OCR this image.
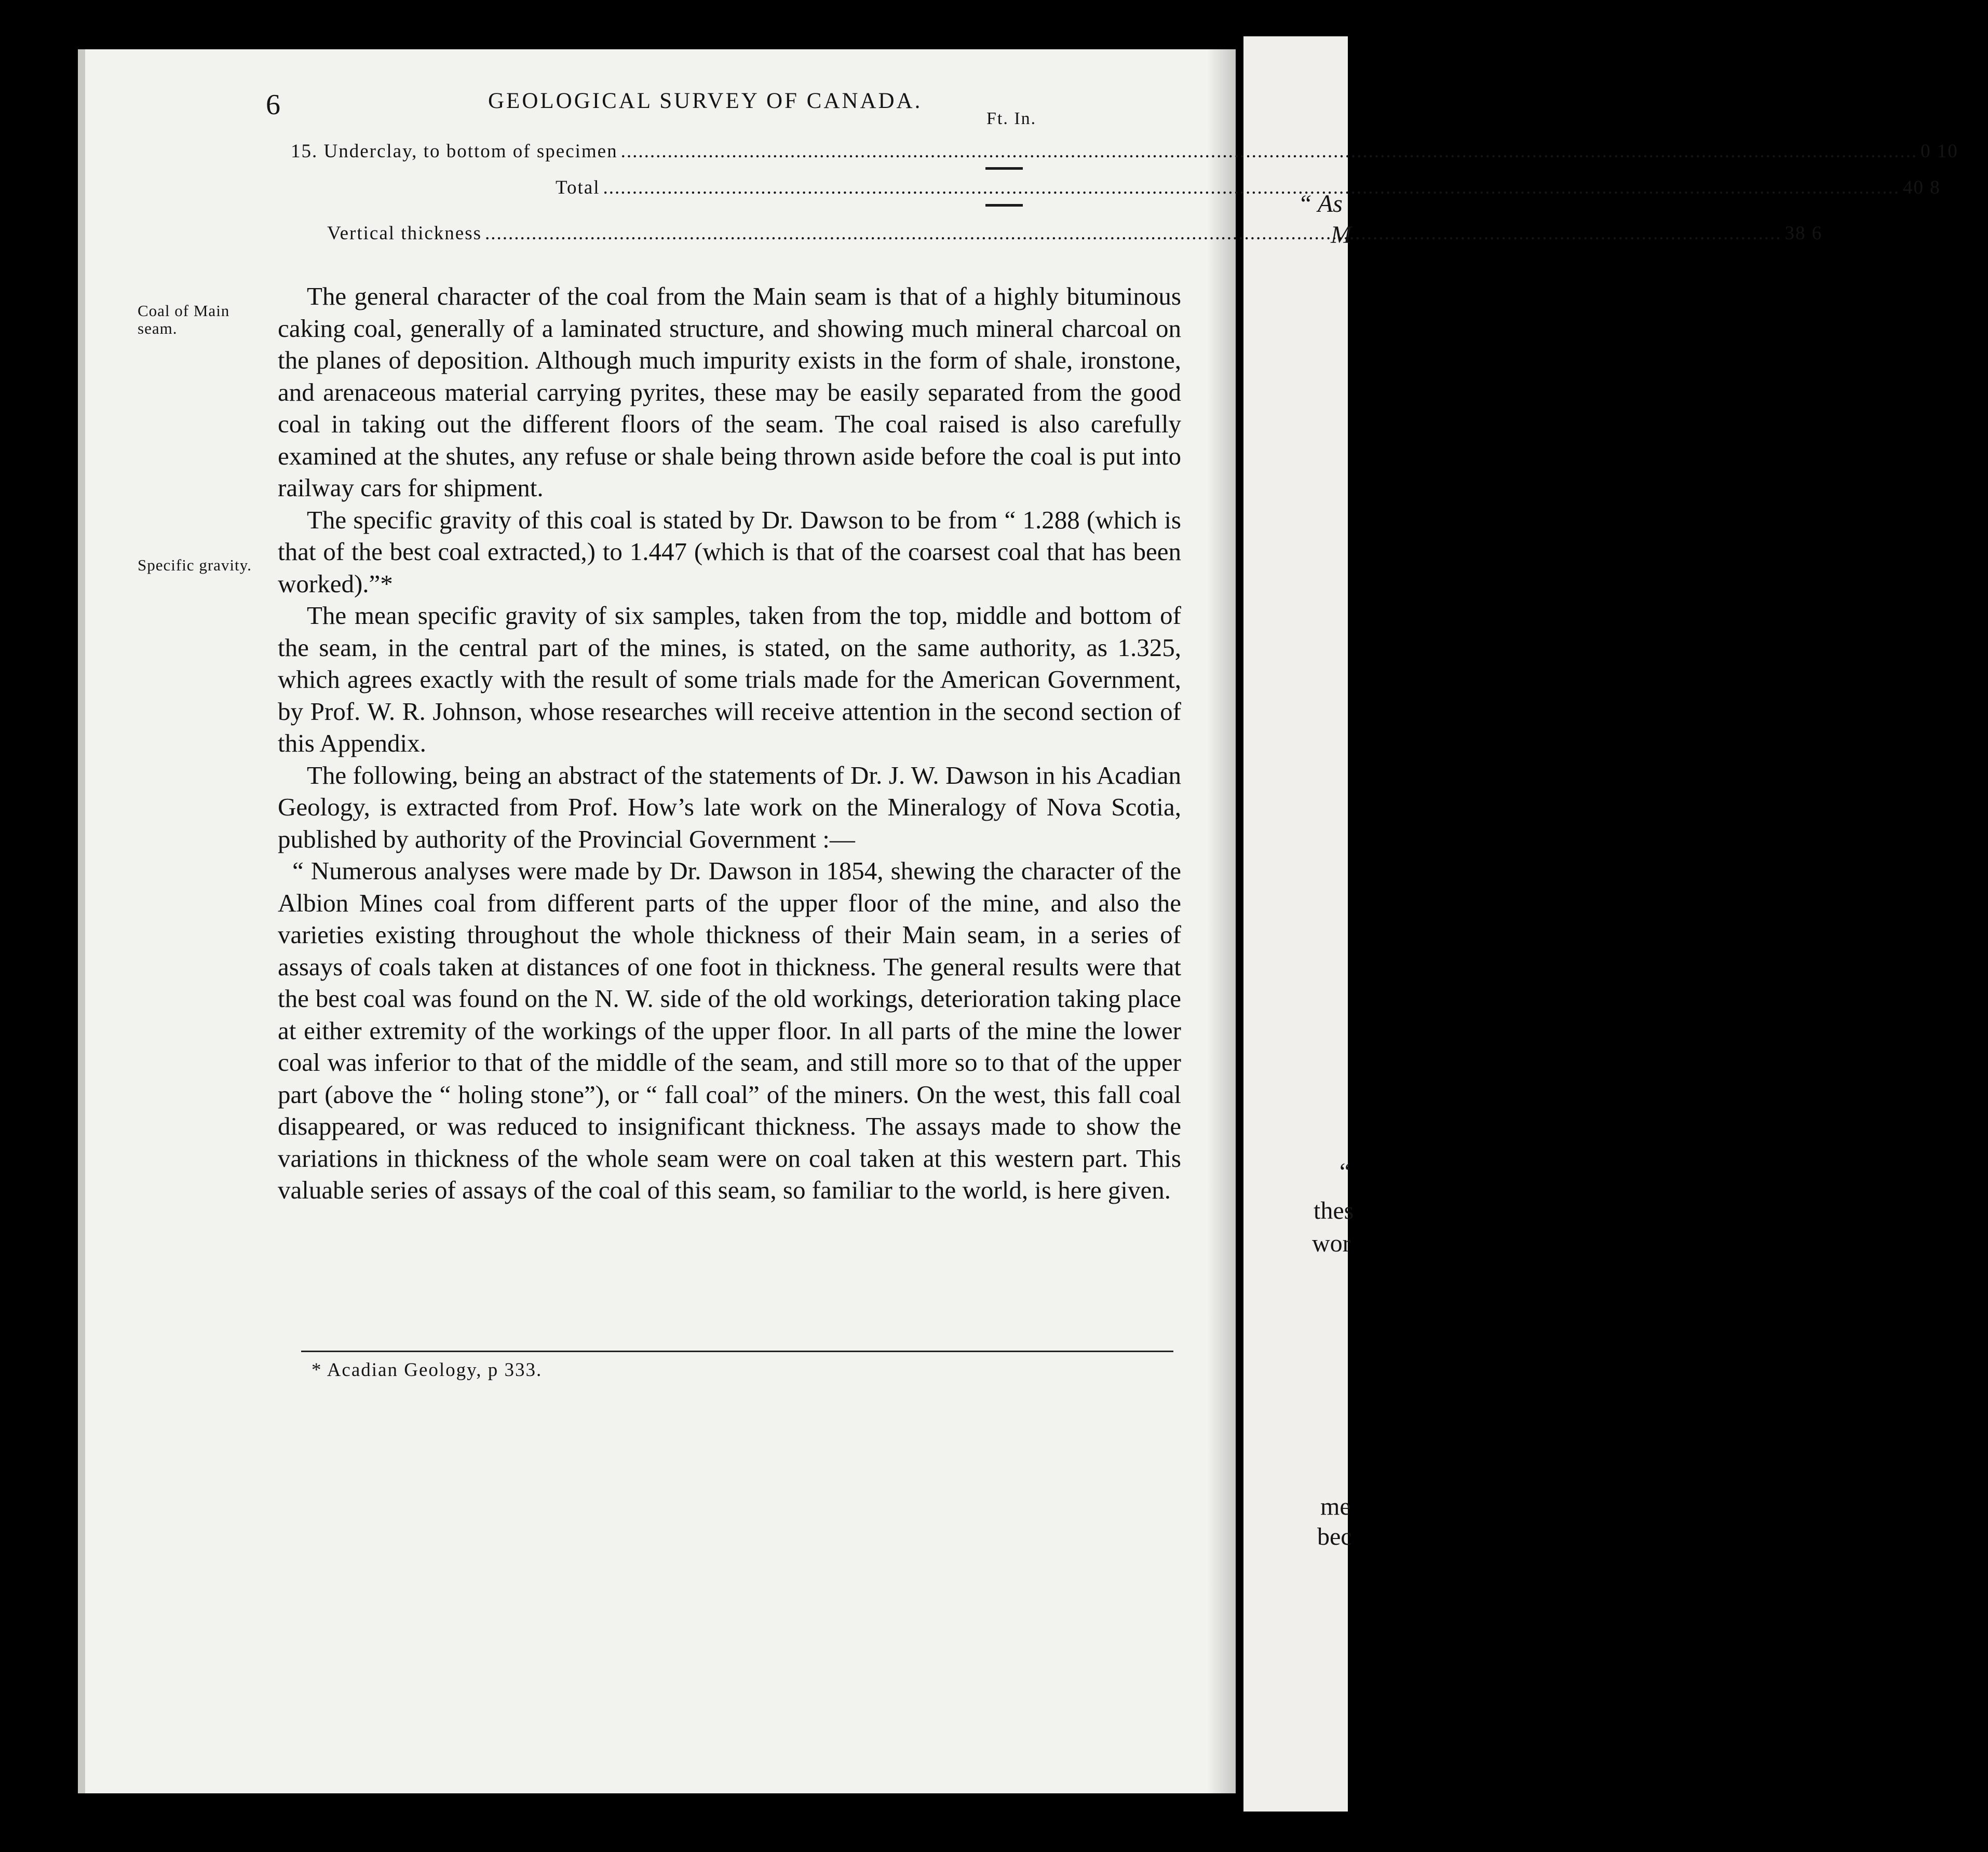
“ As
M
“
thes
wor
me
bec
6	GEOLOGICAL SURVEY OF CANADA.
Ft. In.
15. Underclay, to bottom of specimen .....	0 10
Total .....	40 8
Vertical thickness .....	38 6
Coal of Main
seam.
Specific gravity.

The general character of the coal from the Main seam is that of a highly bituminous caking coal, generally of a laminated structure, and showing much mineral charcoal on the planes of deposition. Although much impurity exists in the form of shale, ironstone, and arenaceous material carrying pyrites, these may be easily separated from the good coal in taking out the different floors of the seam. The coal raised is also carefully examined at the shutes, any refuse or shale being thrown aside before the coal is put into railway cars for shipment.

The specific gravity of this coal is stated by Dr. Dawson to be from “ 1.288 (which is that of the best coal extracted,) to 1.447 (which is that of the coarsest coal that has been worked).”*

The mean specific gravity of six samples, taken from the top, middle and bottom of the seam, in the central part of the mines, is stated, on the same authority, as 1.325, which agrees exactly with the result of some trials made for the American Government, by Prof. W. R. Johnson, whose researches will receive attention in the second section of this Appendix.

The following, being an abstract of the statements of Dr. J. W. Dawson in his Acadian Geology, is extracted from Prof. How’s late work on the Mineralogy of Nova Scotia, published by authority of the Provincial Government :—

“ Numerous analyses were made by Dr. Dawson in 1854, shewing the character of the Albion Mines coal from different parts of the upper floor of the mine, and also the varieties existing throughout the whole thickness of their Main seam, in a series of assays of coals taken at distances of one foot in thickness. The general results were that the best coal was found on the N. W. side of the old workings, deterioration taking place at either extremity of the workings of the upper floor. In all parts of the mine the lower coal was inferior to that of the middle of the seam, and still more so to that of the upper part (above the “ holing stone”), or “ fall coal” of the miners. On the west, this fall coal disappeared, or was reduced to insignificant thickness. The assays made to show the variations in thickness of the whole seam were on coal taken at this western part. This valuable series of assays of the coal of this seam, so familiar to the world, is here given.

* Acadian Geology, p 333.
